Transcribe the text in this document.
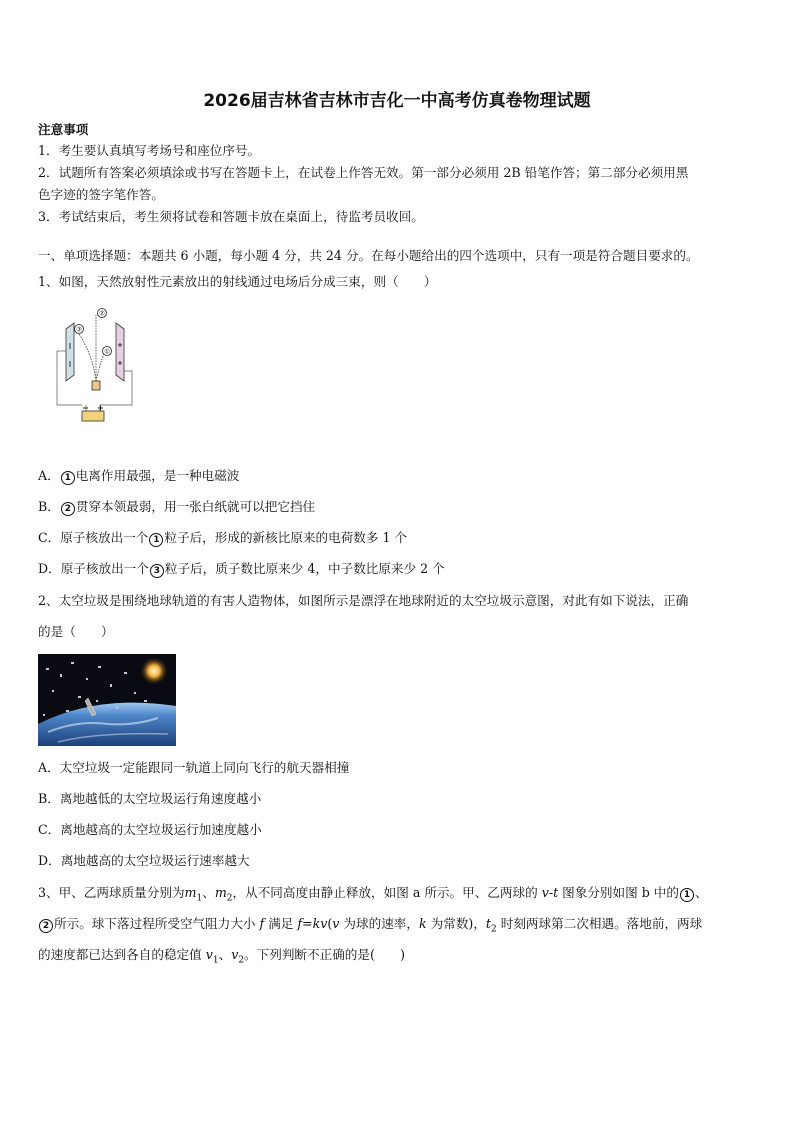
2026届吉林省吉林市吉化一中高考仿真卷物理试题
注意事项
1．考生要认真填写考场号和座位序号。
2．试题所有答案必须填涂或书写在答题卡上，在试卷上作答无效。第一部分必须用 2B 铅笔作答；第二部分必须用黑
色字迹的签字笔作答。
3．考试结束后，考生须将试卷和答题卡放在桌面上，待监考员收回。
一、单项选择题：本题共 6 小题，每小题 4 分，共 24 分。在每小题给出的四个选项中，只有一项是符合题目要求的。
1、如图，天然放射性元素放出的射线通过电场后分成三束，则（　　）
②
③
①
A． 1 电离作用最强，是一种电磁波
B． 2 贯穿本领最弱，用一张白纸就可以把它挡住
C．原子核放出一个 1 粒子后，形成的新核比原来的电荷数多 1 个
D．原子核放出一个 3 粒子后，质子数比原来少 4，中子数比原来少 2 个
2、太空垃圾是围绕地球轨道的有害人造物体，如图所示是漂浮在地球附近的太空垃圾示意图，对此有如下说法，正确
的是（　　）
A．太空垃圾一定能跟同一轨道上同向飞行的航天器相撞
B．离地越低的太空垃圾运行角速度越小
C．离地越高的太空垃圾运行加速度越小
D．离地越高的太空垃圾运行速率越大
3、甲、乙两球质量分别为$m_1$、$m_2$，从不同高度由静止释放，如图 a 所示。甲、乙两球的 v-t 图象分别如图 b 中的 1 、
2 所示。球下落过程所受空气阻力大小 f 满足 f=kv(v 为球的速率，k 为常数)，$t_2$ 时刻两球第二次相遇。落地前，两球
的速度都已达到各自的稳定值 $v_1$、$v_2$。下列判断不正确的是(　　)
